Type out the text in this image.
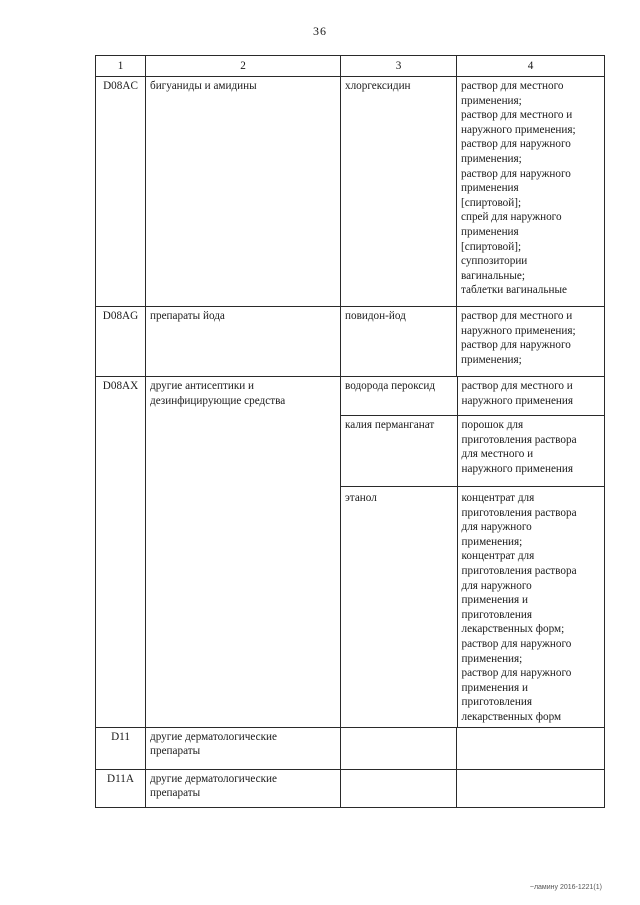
36
1	2	3	4
D08AC	бигуаниды и амидины	хлоргексидин	раствор для местного
применения;
раствор для местного и
наружного применения;
раствор для наружного
применения;
раствор для наружного
применения
[спиртовой];
спрей для наружного
применения
[спиртовой];
суппозитории
вагинальные;
таблетки вагинальные

D08AG	препараты йода	повидон-йод	раствор для местного и
наружного применения;
раствор для наружного
применения;

D08AX	другие антисептики и
дезинфицирующие средства

водорода пероксид	раствор для местного и
наружного применения

калия перманганат	порошок для
приготовления раствора
для местного и
наружного применения

этанол	концентрат для
приготовления раствора
для наружного
применения;
концентрат для
приготовления раствора
для наружного
применения и
приготовления
лекарственных форм;
раствор для наружного
применения;
раствор для наружного
применения и
приготовления
лекарственных форм

D11	другие дерматологические
препараты

D11A	другие дерматологические
препараты

~ламину 2016-1221(1)
